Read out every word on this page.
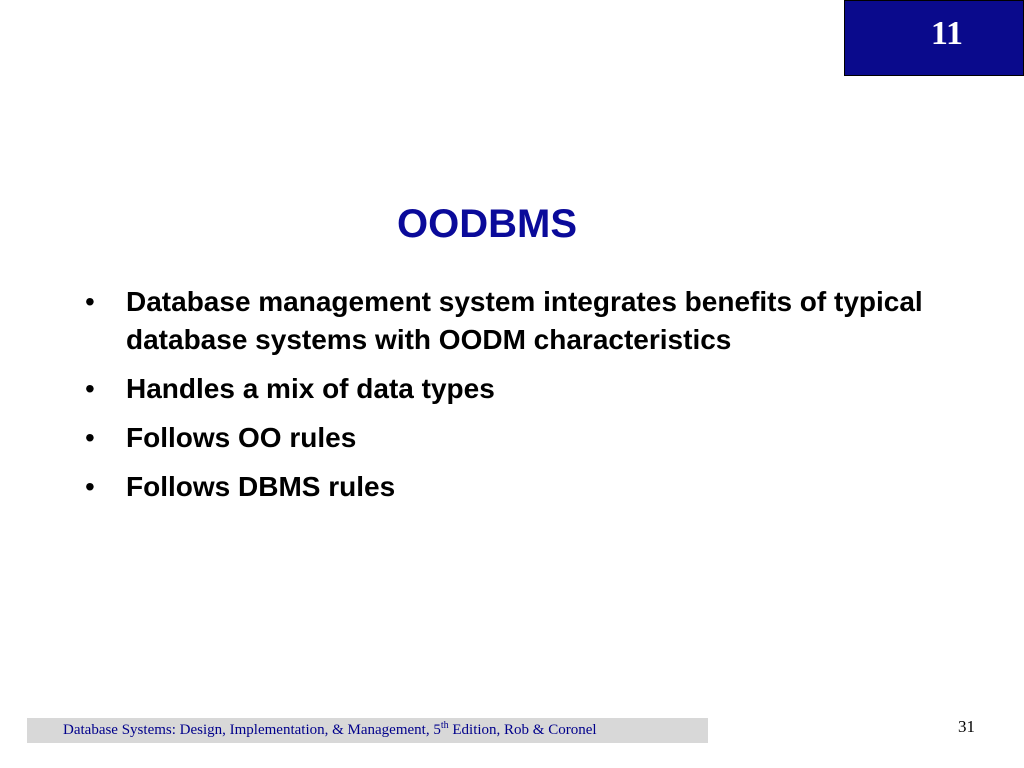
11
OODBMS
• Database management system integrates benefits of typical database systems with OODM characteristics
• Handles a mix of data types
• Follows OO rules
• Follows DBMS rules
Database Systems: Design, Implementation, & Management, 5th Edition, Rob & Coronel	31
